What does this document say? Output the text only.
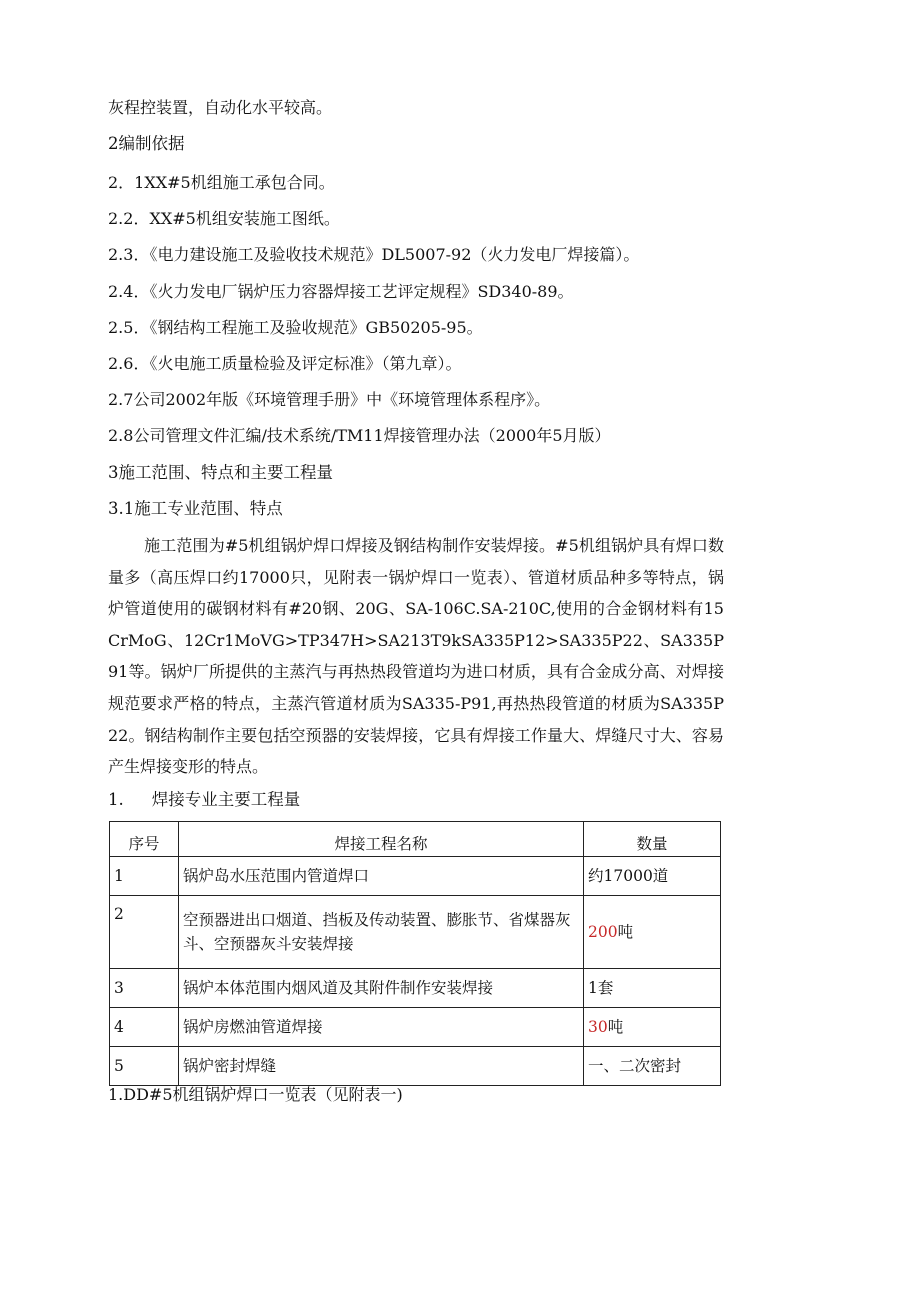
灰程控装置，自动化水平较高。
2编制依据
2．1XX#5机组施工承包合同。
2.2．XX#5机组安装施工图纸。
2.3．《电力建设施工及验收技术规范》DL5007-92（火力发电厂焊接篇）。
2.4．《火力发电厂锅炉压力容器焊接工艺评定规程》SD340-89。
2.5．《钢结构工程施工及验收规范》GB50205-95。
2.6．《火电施工质量检验及评定标准》（第九章）。
2.7公司2002年版《环境管理手册》中《环境管理体系程序》。
2.8公司管理文件汇编/技术系统/TM11焊接管理办法（2000年5月版）
3施工范围、特点和主要工程量
3.1施工专业范围、特点
施工范围为#5机组锅炉焊口焊接及钢结构制作安装焊接。#5机组锅炉具有焊口数量多（高压焊口约17000只，见附表一锅炉焊口一览表）、管道材质品种多等特点，锅炉管道使用的碳钢材料有#20钢、20G、SA-106C.SA-210C,使用的合金钢材料有15CrMoG、12Cr1MoVG>TP347H>SA213T9kSA335P12>SA335P22、SA335P91等。锅炉厂所提供的主蒸汽与再热热段管道均为进口材质，具有合金成分高、对焊接规范要求严格的特点，主蒸汽管道材质为SA335-P91,再热热段管道的材质为SA335P22。钢结构制作主要包括空预器的安装焊接，它具有焊接工作量大、焊缝尺寸大、容易产生焊接变形的特点。
1. 焊接专业主要工程量
序号	焊接工程名称	数量
1	锅炉岛水压范围内管道焊口	约17000道
2	空预器进出口烟道、挡板及传动装置、膨胀节、省煤器灰斗、空预器灰斗安装焊接	200吨
3	锅炉本体范围内烟风道及其附件制作安装焊接	1套
4	锅炉房燃油管道焊接	30吨
5	锅炉密封焊缝	一、二次密封
1.DD#5机组锅炉焊口一览表（见附表一)
